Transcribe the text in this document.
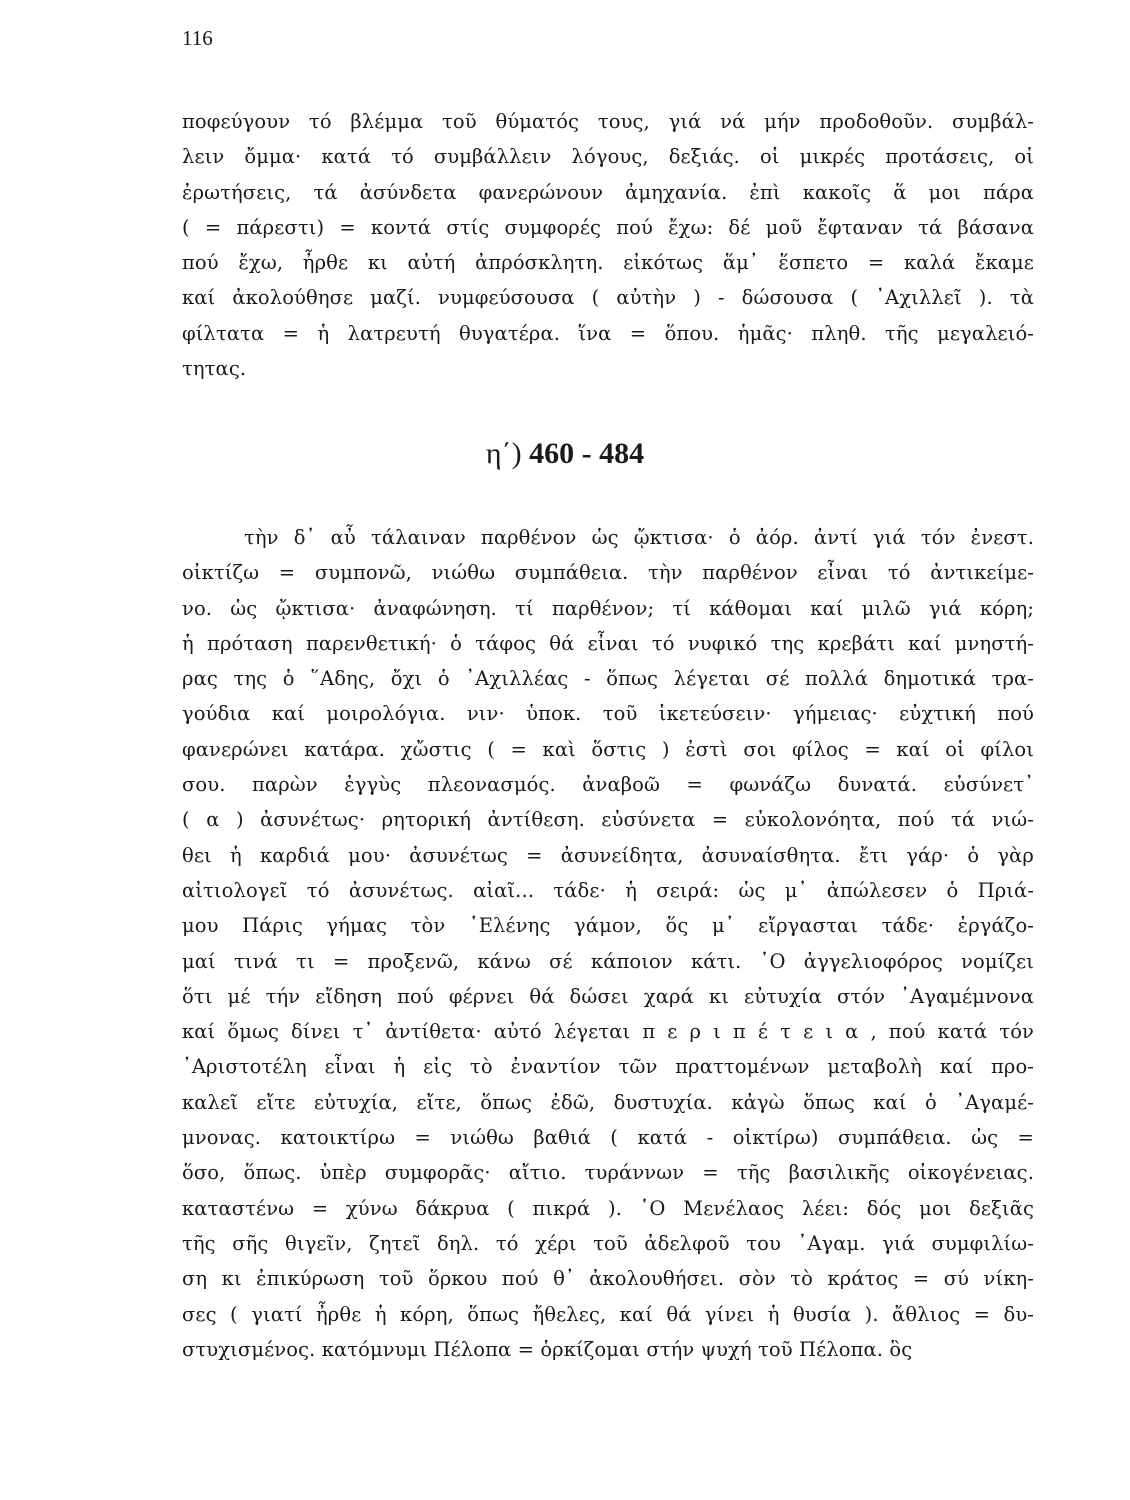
116
ποφεύγουν τό βλέμμα τοῦ θύματός τους, γιά νά μήν προδοθοῦν. συμβάλ-
λειν ὄμμα· κατά τό συμβάλλειν λόγους, δεξιάς. οἱ μικρές προτάσεις, οἱ
ἐρωτήσεις, τά ἀσύνδετα φανερώνουν ἀμηχανία. ἐπὶ κακοῖς ἅ μοι πάρα
( = πάρεστι) = κοντά στίς συμφορές πού ἔχω: δέ μοῦ ἔφταναν τά βάσανα
πού ἔχω, ἦρθε κι αὐτή ἀπρόσκλητη. εἰκότως ἅμ᾽ ἕσπετο = καλά ἔκαμε
καί ἀκολούθησε μαζί. νυμφεύσουσα ( αὐτὴν ) - δώσουσα ( ᾽Αχιλλεῖ ). τὰ
φίλτατα = ἡ λατρευτή θυγατέρα. ἵνα = ὅπου. ἡμᾶς· πληθ. τῆς μεγαλειό-
τητας.
η΄) 460 - 484
τὴν δ᾽ αὖ τάλαιναν παρθένον ὡς ᾤκτισα· ὁ ἀόρ. ἀντί γιά τόν ἐνεστ.
οἰκτίζω = συμπονῶ, νιώθω συμπάθεια. τὴν παρθένον εἶναι τό ἀντικείμε-
νο. ὡς ᾤκτισα· ἀναφώνηση. τί παρθένον; τί κάθομαι καί μιλῶ γιά κόρη;
ἡ πρόταση παρενθετική· ὁ τάφος θά εἶναι τό νυφικό της κρεβάτι καί μνηστή-
ρας της ὁ ῞Αδης, ὄχι ὁ ᾽Αχιλλέας - ὅπως λέγεται σέ πολλά δημοτικά τρα-
γούδια καί μοιρολόγια. νιν· ὑποκ. τοῦ ἱκετεύσειν· γήμειας· εὐχτική πού
φανερώνει κατάρα. χὤστις ( = καὶ ὅστις ) ἐστὶ σοι φίλος = καί οἱ φίλοι
σου. παρὼν ἐγγὺς πλεονασμός. ἀναβοῶ = φωνάζω δυνατά. εὐσύνετ᾽
( α ) ἀσυνέτως· ρητορική ἀντίθεση. εὐσύνετα = εὐκολονόητα, πού τά νιώ-
θει ἡ καρδιά μου· ἀσυνέτως = ἀσυνείδητα, ἀσυναίσθητα. ἔτι γάρ· ὁ γὰρ
αἰτιολογεῖ τό ἀσυνέτως. αἰαῖ... τάδε· ἡ σειρά: ὡς μ᾽ ἀπώλεσεν ὁ Πριά-
μου Πάρις γήμας τὸν ῾Ελένης γάμον, ὅς μ᾽ εἴργασται τάδε· ἐργάζο-
μαί τινά τι = προξενῶ, κάνω σέ κάποιον κάτι. ῾Ο ἀγγελιοφόρος νομίζει
ὅτι μέ τήν εἴδηση πού φέρνει θά δώσει χαρά κι εὐτυχία στόν ᾽Αγαμέμνονα
καί ὅμως δίνει τ᾽ ἀντίθετα· αὐτό λέγεται π ε ρ ι π έ τ ε ι α , πού κατά τόν
᾽Αριστοτέλη εἶναι ἡ εἰς τὸ ἐναντίον τῶν πραττομένων μεταβολὴ καί προ-
καλεῖ εἴτε εὐτυχία, εἴτε, ὅπως ἐδῶ, δυστυχία. κἀγὼ ὅπως καί ὁ ᾽Αγαμέ-
μνονας. κατοικτίρω = νιώθω βαθιά ( κατά - οἰκτίρω) συμπάθεια. ὡς =
ὅσο, ὅπως. ὑπὲρ συμφορᾶς· αἴτιο. τυράννων = τῆς βασιλικῆς οἰκογένειας.
καταστένω = χύνω δάκρυα ( πικρά ). ῾Ο Μενέλαος λέει: δός μοι δεξιᾶς
τῆς σῆς θιγεῖν, ζητεῖ δηλ. τό χέρι τοῦ ἀδελφοῦ του ᾽Αγαμ. γιά συμφιλίω-
ση κι ἐπικύρωση τοῦ ὅρκου πού θ᾽ ἀκολουθήσει. σὸν τὸ κράτος = σύ νίκη-
σες ( γιατί ἦρθε ἡ κόρη, ὅπως ἤθελες, καί θά γίνει ἡ θυσία ). ἄθλιος = δυ-
στυχισμένος. κατόμνυμι Πέλοπα = ὁρκίζομαι στήν ψυχή τοῦ Πέλοπα. ὃς
